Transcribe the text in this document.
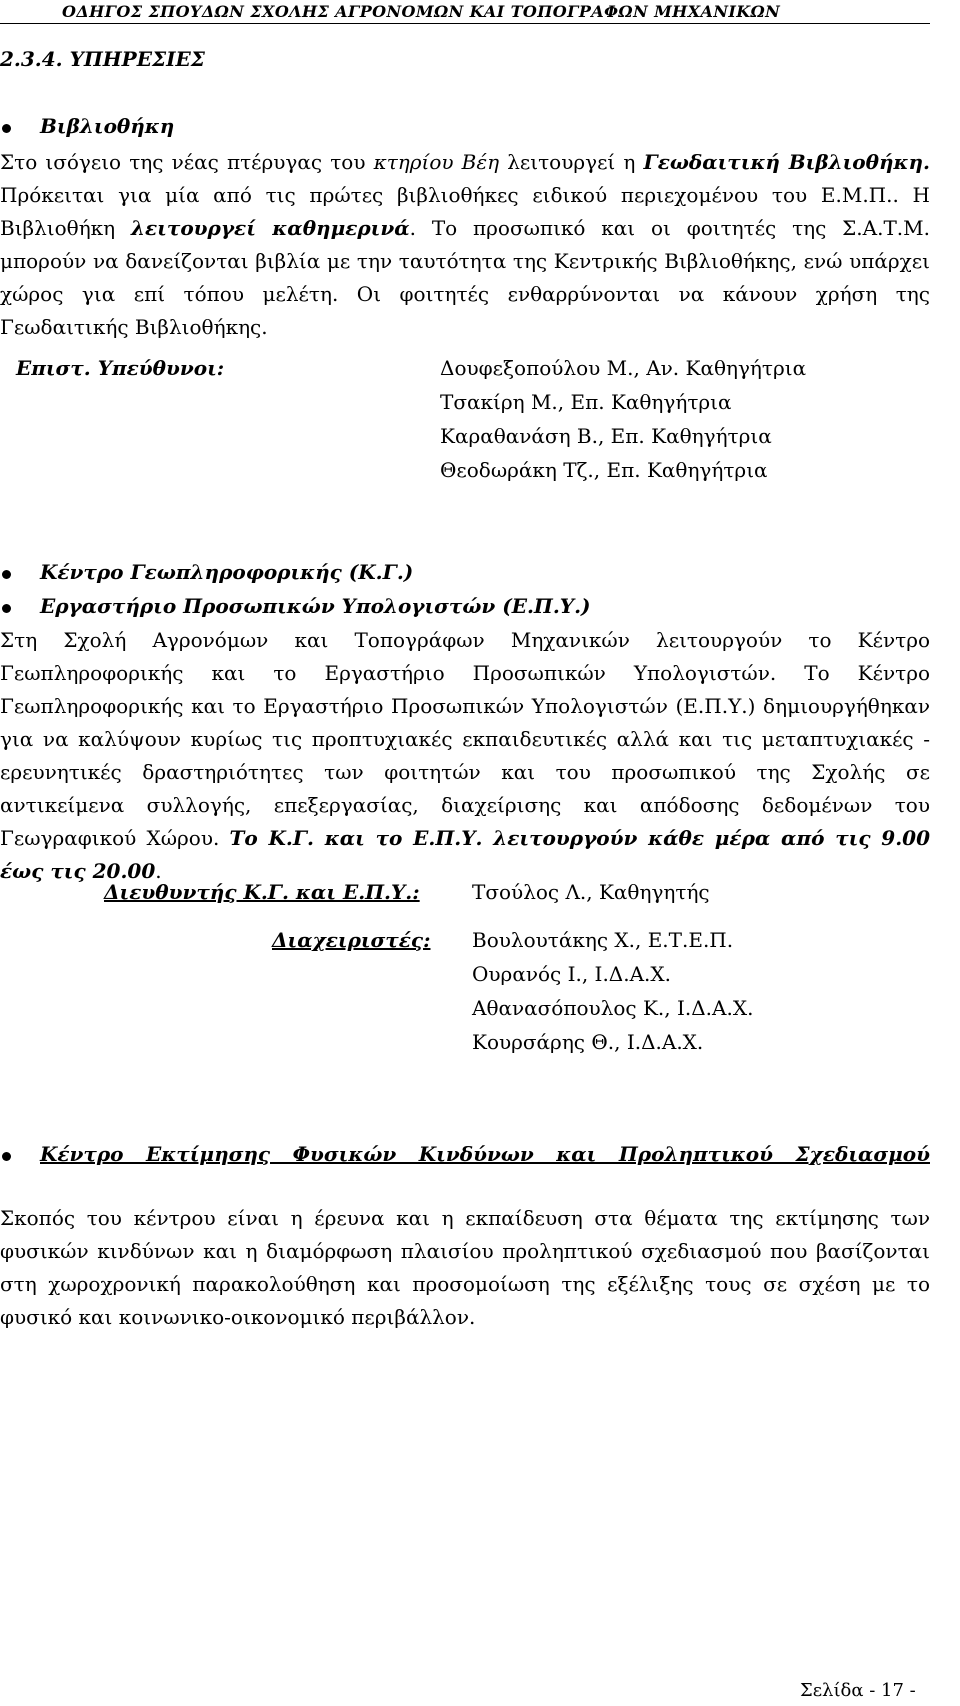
ΟΔΗΓΟΣ ΣΠΟΥΔΩΝ ΣΧΟΛΗΣ ΑΓΡΟΝΟΜΩΝ ΚΑΙ ΤΟΠΟΓΡΑΦΩΝ ΜΗΧΑΝΙΚΩΝ
2.3.4. ΥΠΗΡΕΣΙΕΣ
Βιβλιοθήκη

Στο ισόγειο της νέας πτέρυγας του κτηρίου Βέη λειτουργεί η Γεωδαιτική Βιβλιοθήκη. Πρόκειται για μία από τις πρώτες βιβλιοθήκες ειδικού περιεχομένου του Ε.Μ.Π.. Η Βιβλιοθήκη λειτουργεί καθημερινά. Το προσωπικό και οι φοιτητές της Σ.Α.Τ.Μ. μπορούν να δανείζονται βιβλία με την ταυτότητα της Κεντρικής Βιβλιοθήκης, ενώ υπάρχει χώρος για επί τόπου μελέτη. Οι φοιτητές ενθαρρύνονται να κάνουν χρήση της Γεωδαιτικής Βιβλιοθήκης.

Επιστ. Υπεύθυνοι:	Δουφεξοπούλου Μ., Αν. Καθηγήτρια
Τσακίρη Μ., Επ. Καθηγήτρια
Καραθανάση Β., Επ. Καθηγήτρια
Θεοδωράκη Τζ., Επ. Καθηγήτρια
Κέντρο Γεωπληροφορικής (Κ.Γ.)
Εργαστήριο Προσωπικών Υπολογιστών (Ε.Π.Υ.)

Στη Σχολή Αγρονόμων και Τοπογράφων Μηχανικών λειτουργούν το Κέντρο Γεωπληροφορικής και το Εργαστήριο Προσωπικών Υπολογιστών. Το Κέντρο Γεωπληροφορικής και το Εργαστήριο Προσωπικών Υπολογιστών (Ε.Π.Υ.) δημιουργήθηκαν για να καλύψουν κυρίως τις προπτυχιακές εκπαιδευτικές αλλά και τις μεταπτυχιακές - ερευνητικές δραστηριότητες των φοιτητών και του προσωπικού της Σχολής σε αντικείμενα συλλογής, επεξεργασίας, διαχείρισης και απόδοσης δεδομένων του Γεωγραφικού Χώρου. Το Κ.Γ. και το Ε.Π.Υ. λειτουργούν κάθε μέρα από τις 9.00 έως τις 20.00.

Διευθυντής Κ.Γ. και Ε.Π.Υ.:	Τσούλος Λ., Καθηγητής
Διαχειριστές: Βουλουτάκης Χ., Ε.Τ.Ε.Π.
Ουρανός Ι., Ι.Δ.Α.Χ.
Αθανασόπουλος Κ., Ι.Δ.Α.Χ.
Κουρσάρης Θ., Ι.Δ.Α.Χ.

Κέντρο Εκτίμησης Φυσικών Κινδύνων και Προληπτικού Σχεδιασμού

Σκοπός του κέντρου είναι η έρευνα και η εκπαίδευση στα θέματα της εκτίμησης των φυσικών κινδύνων και η διαμόρφωση πλαισίου προληπτικού σχεδιασμού που βασίζονται στη χωροχρονική παρακολούθηση και προσομοίωση της εξέλιξης τους σε σχέση με το φυσικό και κοινωνικο-οικονομικό περιβάλλον.

Σελίδα - 17 -
